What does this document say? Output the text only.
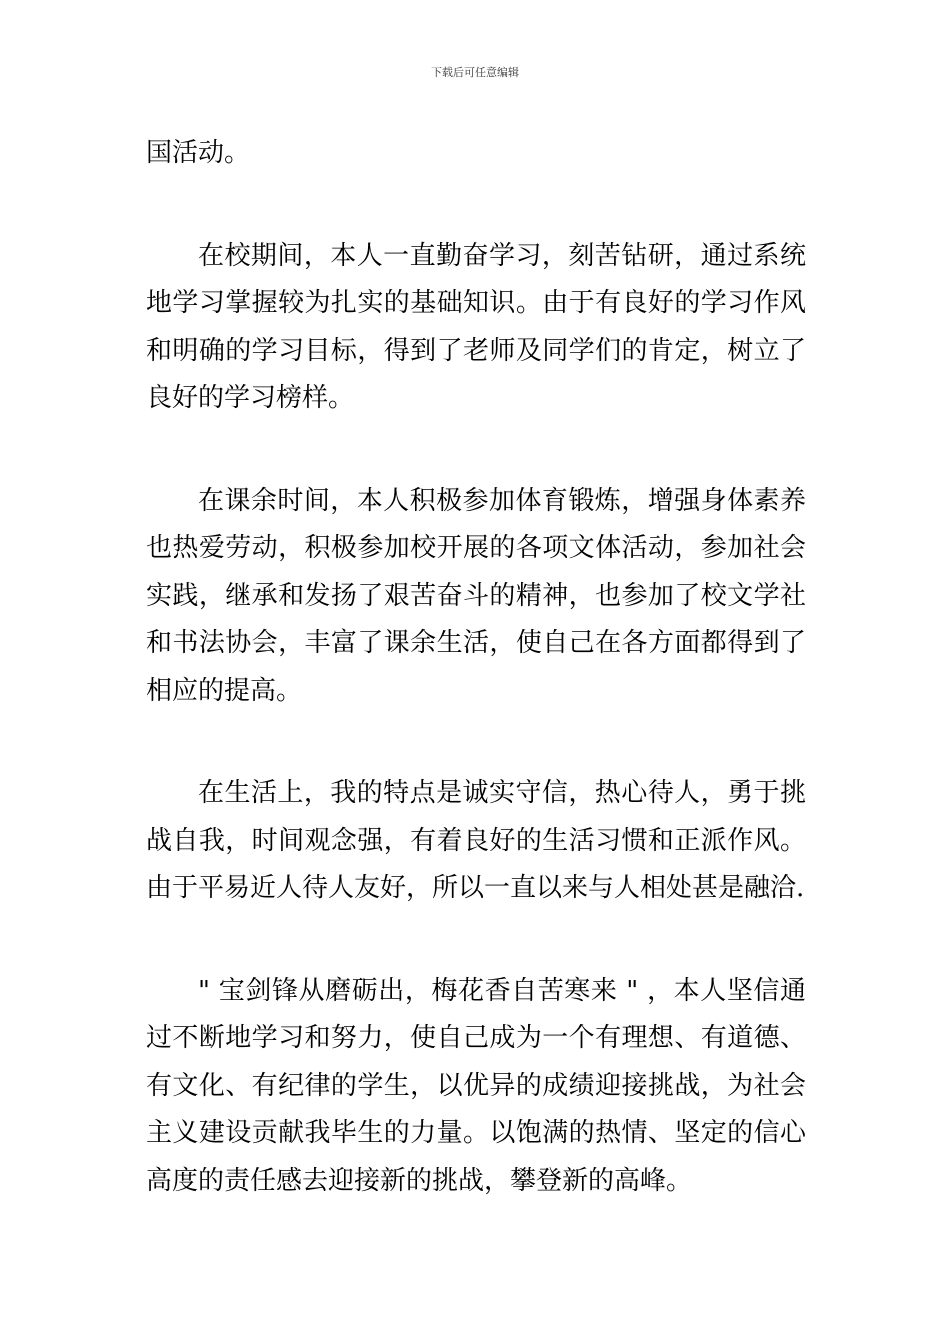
下载后可任意编辑

国活动。

在校期间，本人一直勤奋学习，刻苦钻研，通过系统地学习掌握较为扎实的基础知识。由于有良好的学习作风和明确的学习目标，得到了老师及同学们的肯定，树立了良好的学习榜样。

在课余时间，本人积极参加体育锻炼，增强身体素养也热爱劳动，积极参加校开展的各项文体活动，参加社会实践，继承和发扬了艰苦奋斗的精神，也参加了校文学社和书法协会，丰富了课余生活，使自己在各方面都得到了相应的提高。

在生活上，我的特点是诚实守信，热心待人，勇于挑战自我，时间观念强，有着良好的生活习惯和正派作风。由于平易近人待人友好，所以一直以来与人相处甚是融洽.

" 宝剑锋从磨砺出，梅花香自苦寒来 " ，本人坚信通过不断地学习和努力，使自己成为一个有理想、有道德、有文化、有纪律的学生，以优异的成绩迎接挑战，为社会主义建设贡献我毕生的力量。以饱满的热情、坚定的信心高度的责任感去迎接新的挑战，攀登新的高峰。
